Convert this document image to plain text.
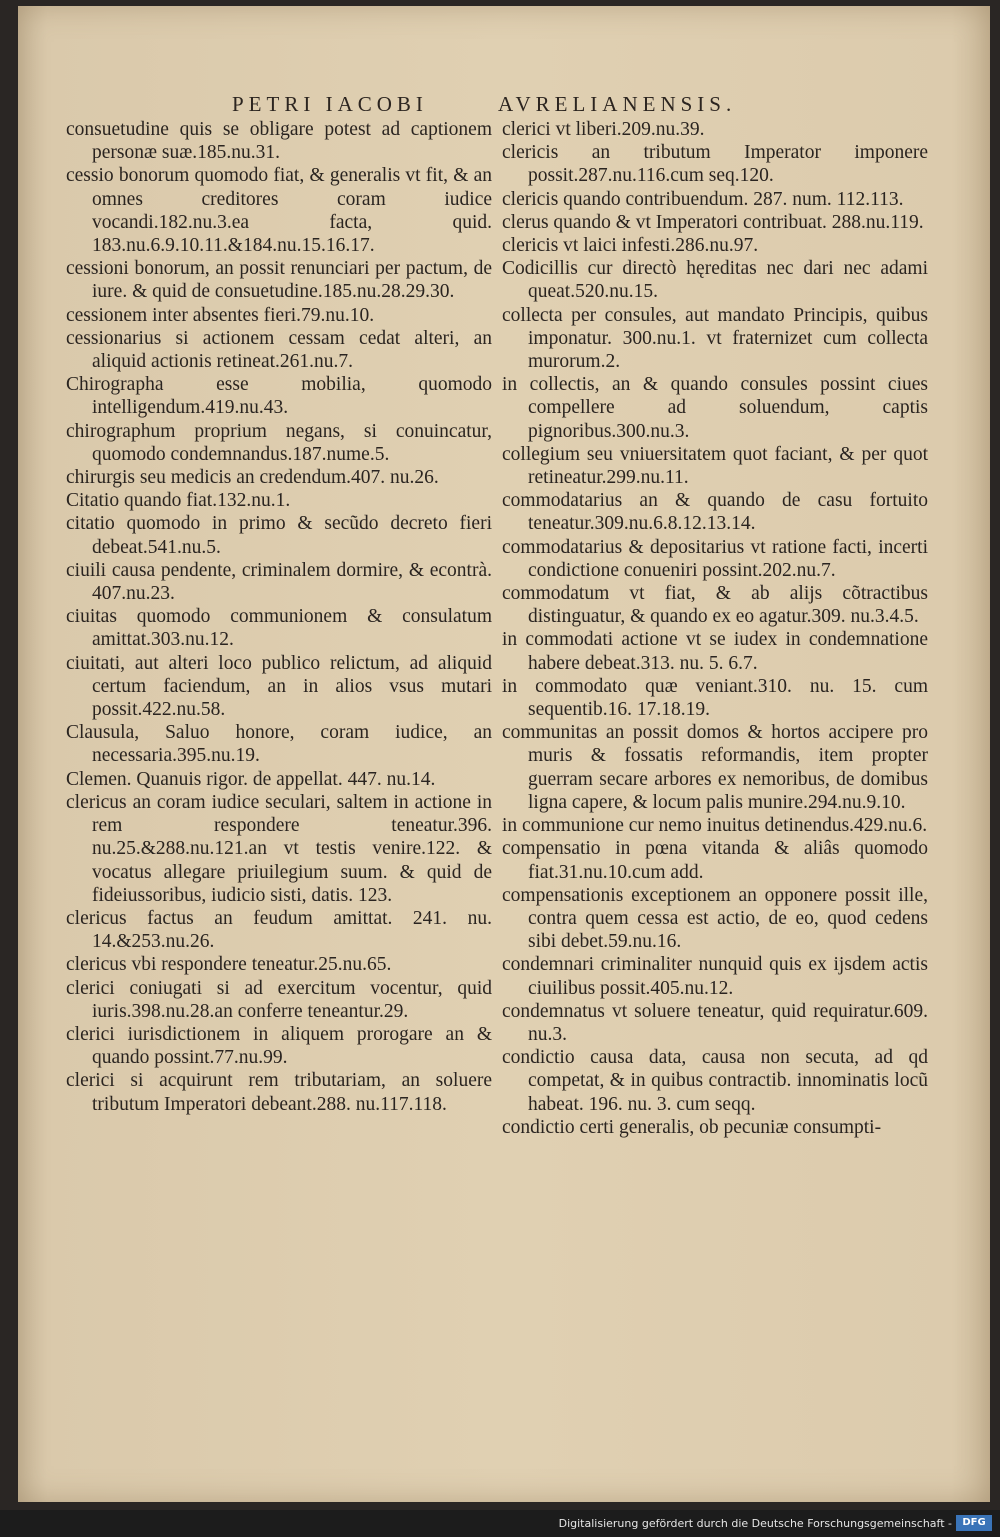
PETRI IACOBI	AVRELIANENSIS.

consuetudine quis se obligare potest ad captionem personæ suæ.185.nu.31.

cessio bonorum quomodo fiat, & generalis vt fit, & an omnes creditores coram iudice vocandi.182.nu.3.ea facta, quid. 183.nu.6.9.10.11.&184.nu.15.16.17.

cessioni bonorum, an possit renunciari per pactum, de iure. & quid de consuetudine.185.nu.28.29.30.

cessionem inter absentes fieri.79.nu.10.

cessionarius si actionem cessam cedat alteri, an aliquid actionis retineat.261.nu.7.

Chirographa esse mobilia, quomodo intelligendum.419.nu.43.

chirographum proprium negans, si conuincatur, quomodo condemnandus.187.nume.5.

chirurgis seu medicis an credendum.407. nu.26.

Citatio quando fiat.132.nu.1.

citatio quomodo in primo & secũdo decreto fieri debeat.541.nu.5.

ciuili causa pendente, criminalem dormire, & econtrà. 407.nu.23.

ciuitas quomodo communionem & consulatum amittat.303.nu.12.

ciuitati, aut alteri loco publico relictum, ad aliquid certum faciendum, an in alios vsus mutari possit.422.nu.58.

Clausula, Saluo honore, coram iudice, an necessaria.395.nu.19.

Clemen. Quanuis rigor. de appellat. 447. nu.14.

clericus an coram iudice seculari, saltem in actione in rem respondere teneatur.396. nu.25.&288.nu.121.an vt testis venire.122. & vocatus allegare priuilegium suum. & quid de fideiussoribus, iudicio sisti, datis. 123.

clericus factus an feudum amittat. 241. nu. 14.&253.nu.26.

clericus vbi respondere teneatur.25.nu.65.

clerici coniugati si ad exercitum vocentur, quid iuris.398.nu.28.an conferre teneantur.29.

clerici iurisdictionem in aliquem prorogare an & quando possint.77.nu.99.

clerici si acquirunt rem tributariam, an soluere tributum Imperatori debeant.288. nu.117.118.

clerici vt liberi.209.nu.39.

clericis an tributum Imperator imponere possit.287.nu.116.cum seq.120.

clericis quando contribuendum. 287. num. 112.113.

clerus quando & vt Imperatori contribuat. 288.nu.119.

clericis vt laici infesti.286.nu.97.

Codicillis cur directò hęreditas nec dari nec adami queat.520.nu.15.

collecta per consules, aut mandato Principis, quibus imponatur. 300.nu.1. vt fraternizet cum collecta murorum.2.

in collectis, an & quando consules possint ciues compellere ad soluendum, captis pignoribus.300.nu.3.

collegium seu vniuersitatem quot faciant, & per quot retineatur.299.nu.11.

commodatarius an & quando de casu fortuito teneatur.309.nu.6.8.12.13.14.

commodatarius & depositarius vt ratione facti, incerti condictione conueniri possint.202.nu.7.

commodatum vt fiat, & ab alijs cõtractibus distinguatur, & quando ex eo agatur.309. nu.3.4.5.

in commodati actione vt se iudex in condemnatione habere debeat.313. nu. 5. 6.7.

in commodato quæ veniant.310. nu. 15. cum sequentib.16. 17.18.19.

communitas an possit domos & hortos accipere pro muris & fossatis reformandis, item propter guerram secare arbores ex nemoribus, de domibus ligna capere, & locum palis munire.294.nu.9.10.

in communione cur nemo inuitus detinendus.429.nu.6.

compensatio in pœna vitanda & aliâs quomodo fiat.31.nu.10.cum add.

compensationis exceptionem an opponere possit ille, contra quem cessa est actio, de eo, quod cedens sibi debet.59.nu.16.

condemnari criminaliter nunquid quis ex ijsdem actis ciuilibus possit.405.nu.12.

condemnatus vt soluere teneatur, quid requiratur.609. nu.3.

condictio causa data, causa non secuta, ad qd competat, & in quibus contractib. innominatis locũ habeat. 196. nu. 3. cum seqq.

condictio certi generalis, ob pecuniæ consumpti-

Digitalisierung gefördert durch die Deutsche Forschungsgemeinschaft -	DFG
